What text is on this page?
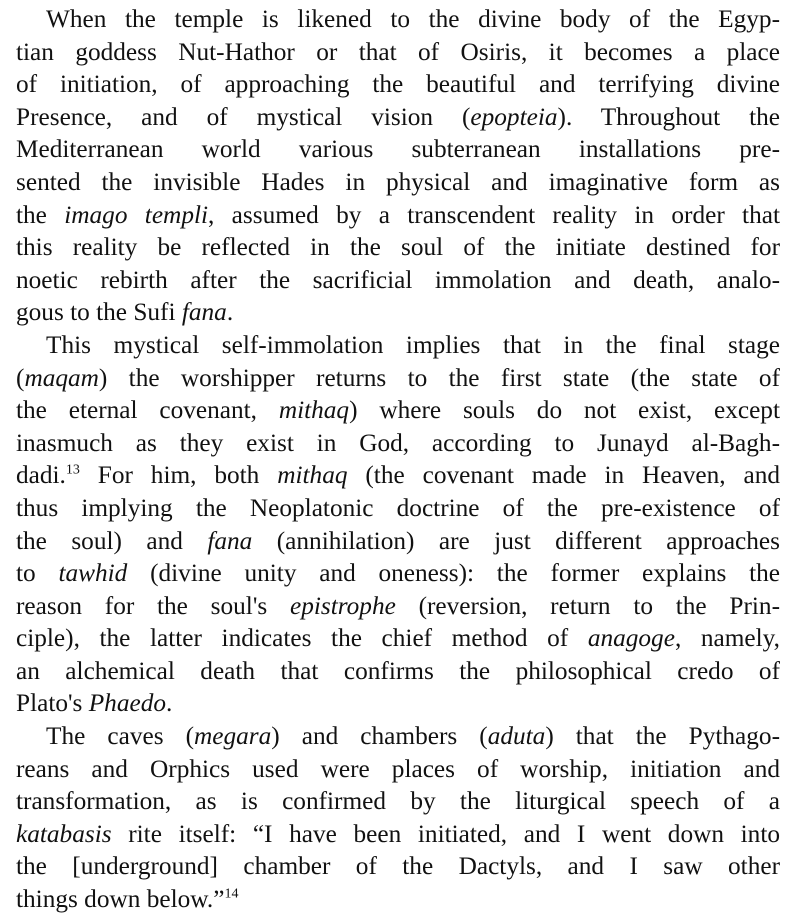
When the temple is likened to the divine body of the Egyp-
tian goddess Nut-Hathor or that of Osiris, it becomes a place
of initiation, of approaching the beautiful and terrifying divine
Presence, and of mystical vision (epopteia). Throughout the
Mediterranean world various subterranean installations pre-
sented the invisible Hades in physical and imaginative form as
the imago templi, assumed by a transcendent reality in order that
this reality be reflected in the soul of the initiate destined for
noetic rebirth after the sacrificial immolation and death, analo-
gous to the Sufi fana.
This mystical self-immolation implies that in the final stage
(maqam) the worshipper returns to the first state (the state of
the eternal covenant, mithaq) where souls do not exist, except
inasmuch as they exist in God, according to Junayd al-Bagh-
dadi.$^{13}$ For him, both mithaq (the covenant made in Heaven, and
thus implying the Neoplatonic doctrine of the pre-existence of
the soul) and fana (annihilation) are just different approaches
to tawhid (divine unity and oneness): the former explains the
reason for the soul's epistrophe (reversion, return to the Prin-
ciple), the latter indicates the chief method of anagoge, namely,
an alchemical death that confirms the philosophical credo of
Plato's Phaedo.
The caves (megara) and chambers (aduta) that the Pythago-
reans and Orphics used were places of worship, initiation and
transformation, as is confirmed by the liturgical speech of a
katabasis rite itself: “I have been initiated, and I went down into
the [underground] chamber of the Dactyls, and I saw other
things down below.”$^{14}$
